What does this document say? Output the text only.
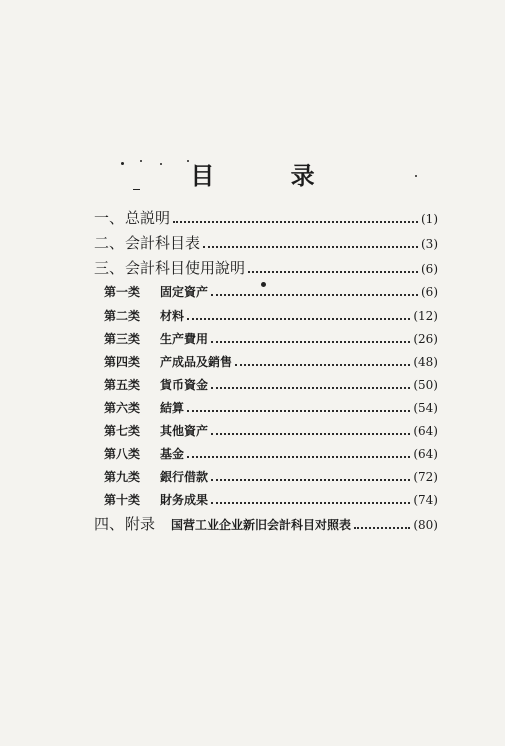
目 录
一、 总説明	(1)
二、 会計科目表	(3)
三、 会計科目使用說明	(6)
第一类	固定資产	(6)
第二类	材料	(12)
第三类	生产費用	(26)
第四类	产成品及銷售	(48)
第五类	貨币資金	(50)
第六类	結算	(54)
第七类	其他資产	(64)
第八类	基金	(64)
第九类	銀行借款	(72)
第十类	財务成果	(74)
四、 附录 国营工业企业新旧会計科目对照表	(80)
